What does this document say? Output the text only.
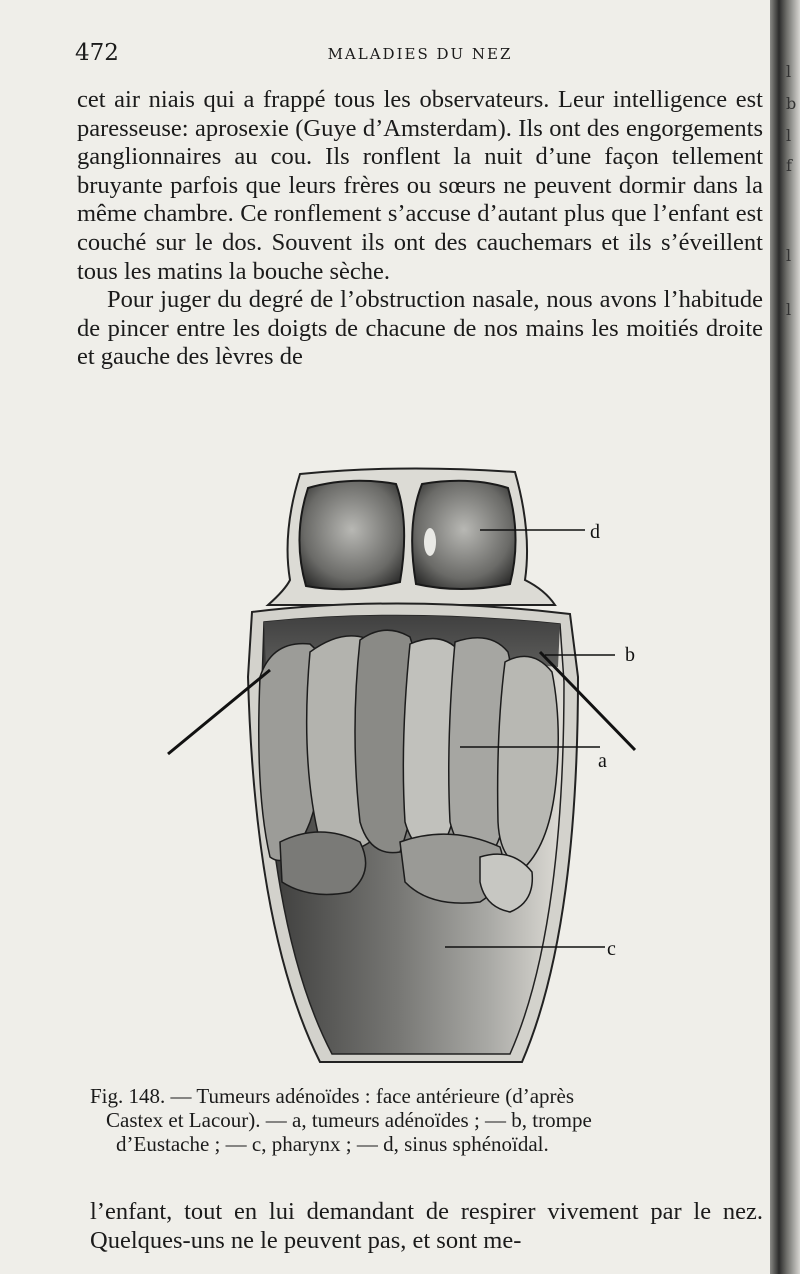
472	MALADIES DU NEZ

cet air niais qui a frappé tous les observateurs. Leur intelligence est paresseuse: aprosexie (Guye d’Amsterdam). Ils ont des engorgements ganglionnaires au cou. Ils ronflent la nuit d’une façon tellement bruyante parfois que leurs frères ou sœurs ne peuvent dormir dans la même chambre. Ce ronflement s’accuse d’autant plus que l’enfant est couché sur le dos. Souvent ils ont des cauchemars et ils s’éveillent tous les matins la bouche sèche.

Pour juger du degré de l’obstruction nasale, nous avons l’habitude de pincer entre les doigts de chacune de nos mains les moitiés droite et gauche des lèvres de

d
b
a
c
Fig. 148. — Tumeurs adénoïdes : face antérieure (d’après
Castex et Lacour). — a, tumeurs adénoïdes ; — b, trompe
d’Eustache ; — c, pharynx ; — d, sinus sphénoïdal.

l’enfant, tout en lui demandant de respirer vivement par le nez. Quelques-uns ne le peuvent pas, et sont me-

l
b
l
f
l
l
